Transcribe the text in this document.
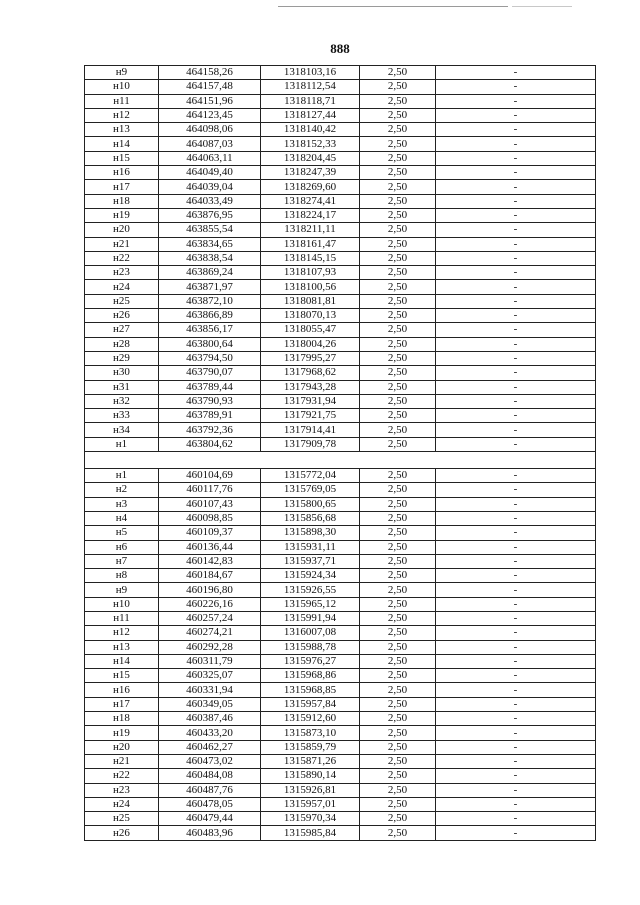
888
н9	464158,26	1318103,16	2,50	-
н10	464157,48	1318112,54	2,50	-
н11	464151,96	1318118,71	2,50	-
н12	464123,45	1318127,44	2,50	-
н13	464098,06	1318140,42	2,50	-
н14	464087,03	1318152,33	2,50	-
н15	464063,11	1318204,45	2,50	-
н16	464049,40	1318247,39	2,50	-
н17	464039,04	1318269,60	2,50	-
н18	464033,49	1318274,41	2,50	-
н19	463876,95	1318224,17	2,50	-
н20	463855,54	1318211,11	2,50	-
н21	463834,65	1318161,47	2,50	-
н22	463838,54	1318145,15	2,50	-
н23	463869,24	1318107,93	2,50	-
н24	463871,97	1318100,56	2,50	-
н25	463872,10	1318081,81	2,50	-
н26	463866,89	1318070,13	2,50	-
н27	463856,17	1318055,47	2,50	-
н28	463800,64	1318004,26	2,50	-
н29	463794,50	1317995,27	2,50	-
н30	463790,07	1317968,62	2,50	-
н31	463789,44	1317943,28	2,50	-
н32	463790,93	1317931,94	2,50	-
н33	463789,91	1317921,75	2,50	-
н34	463792,36	1317914,41	2,50	-
н1	463804,62	1317909,78	2,50	-

н1	460104,69	1315772,04	2,50	-
н2	460117,76	1315769,05	2,50	-
н3	460107,43	1315800,65	2,50	-
н4	460098,85	1315856,68	2,50	-
н5	460109,37	1315898,30	2,50	-
н6	460136,44	1315931,11	2,50	-
н7	460142,83	1315937,71	2,50	-
н8	460184,67	1315924,34	2,50	-
н9	460196,80	1315926,55	2,50	-
н10	460226,16	1315965,12	2,50	-
н11	460257,24	1315991,94	2,50	-
н12	460274,21	1316007,08	2,50	-
н13	460292,28	1315988,78	2,50	-
н14	460311,79	1315976,27	2,50	-
н15	460325,07	1315968,86	2,50	-
н16	460331,94	1315968,85	2,50	-
н17	460349,05	1315957,84	2,50	-
н18	460387,46	1315912,60	2,50	-
н19	460433,20	1315873,10	2,50	-
н20	460462,27	1315859,79	2,50	-
н21	460473,02	1315871,26	2,50	-
н22	460484,08	1315890,14	2,50	-
н23	460487,76	1315926,81	2,50	-
н24	460478,05	1315957,01	2,50	-
н25	460479,44	1315970,34	2,50	-
н26	460483,96	1315985,84	2,50	-
